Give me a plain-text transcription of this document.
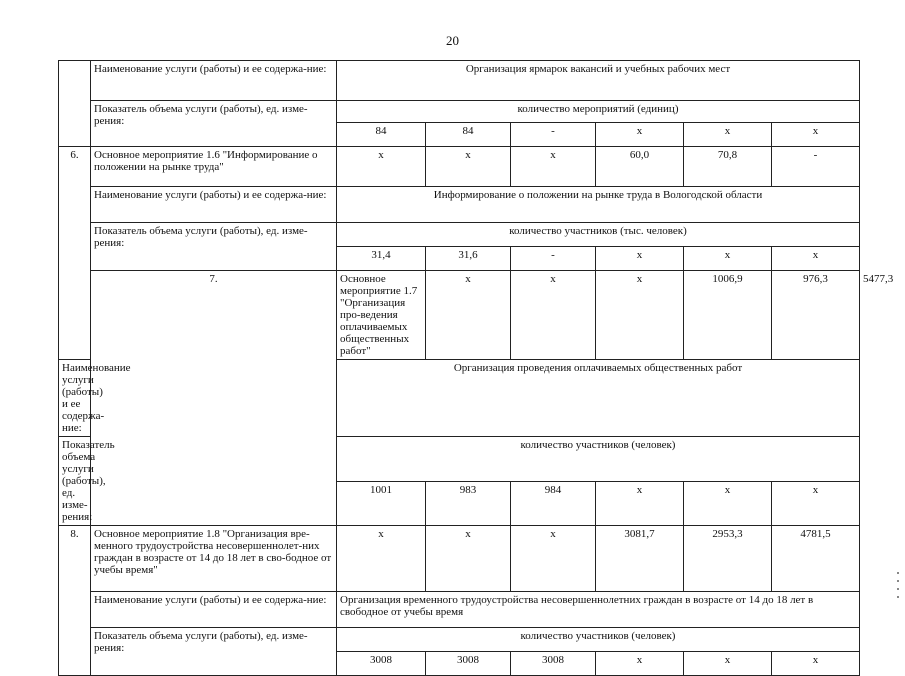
20
	Наименование услуги (работы) и ее содержа-ние:	Организация ярмарок вакансий и учебных рабочих мест						
	Показатель объема услуги (работы), ед. изме-рения:	количество мероприятий (единиц)						
		84	84	-	x	x	x	
6.	Основное мероприятие 1.6 "Информирование о положении на рынке труда"	x	x	x	60,0	70,8	-	
	Наименование услуги (работы) и ее содержа-ние:	Информирование о положении на рынке труда в Вологодской области						
	Показатель объема услуги (работы), ед. изме-рения:	количество участников (тыс. человек)						
		31,4	31,6	-	x	x	x	
	7.	Основное мероприятие 1.7 "Организация про-ведения оплачиваемых общественных работ"	x	x	x	1006,9	976,3	5477,3
Наименование услуги (работы) и ее содержа-ние:		Организация проведения оплачиваемых общественных работ						
Показатель объема услуги (работы), ед. изме-рения:		количество участников (человек)						
		1001	983	984	x	x	x	
8.	Основное мероприятие 1.8 "Организация вре-менного трудоустройства несовершеннолет-них граждан в возрасте от 14 до 18 лет в сво-бодное от учебы время"	x	x	x	3081,7	2953,3	4781,5	
	Наименование услуги (работы) и ее содержа-ние:	Организация временного трудоустройства несовершеннолетних граждан в возрасте от 14 до 18 лет в свободное от учебы время						
	Показатель объема услуги (работы), ед. изме-рения:	количество участников (человек)						
		3008	3008	3008	x	x	x	
